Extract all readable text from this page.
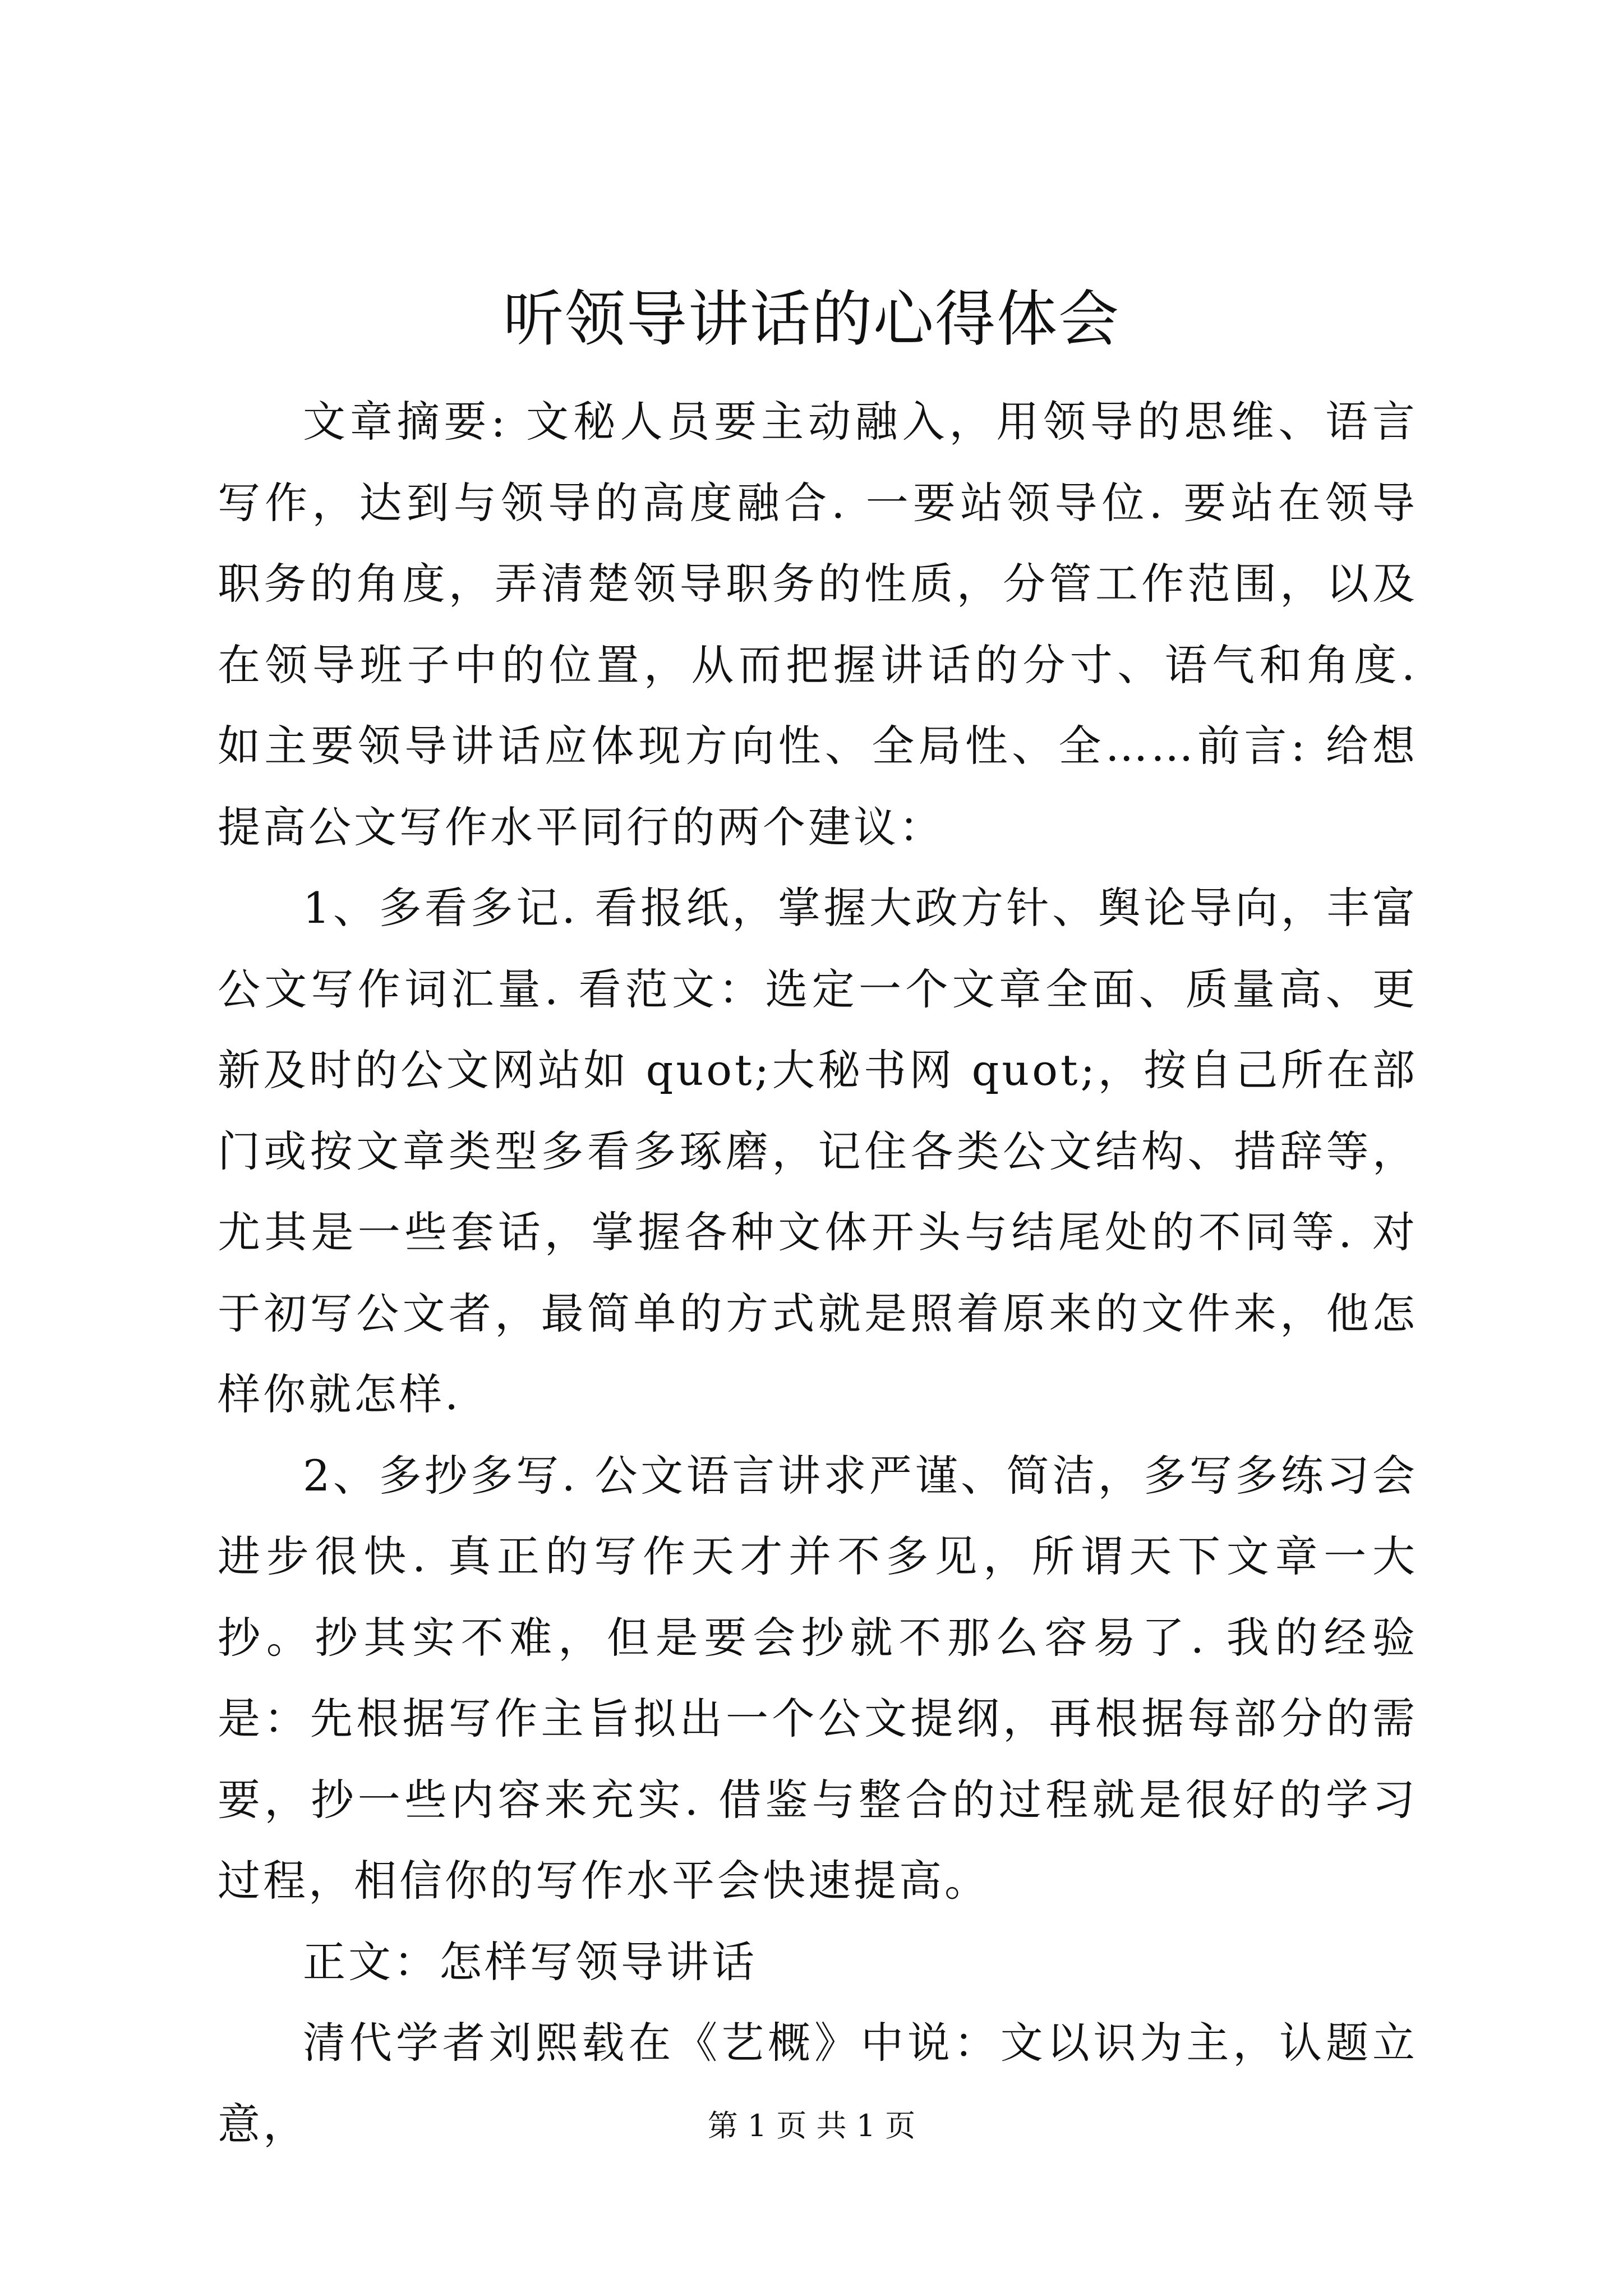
听领导讲话的心得体会

文章摘要: 文秘人员要主动融入，用领导的思维、语言写作，达到与领导的高度融合. 一要站领导位. 要站在领导职务的角度，弄清楚领导职务的性质，分管工作范围，以及在领导班子中的位置，从而把握讲话的分寸、语气和角度. 如主要领导讲话应体现方向性、全局性、全……前言: 给想提高公文写作水平同行的两个建议：

1、多看多记. 看报纸，掌握大政方针、舆论导向，丰富公文写作词汇量. 看范文：选定一个文章全面、质量高、更新及时的公文网站如 quot;大秘书网 quot;，按自己所在部门或按文章类型多看多琢磨，记住各类公文结构、措辞等，尤其是一些套话，掌握各种文体开头与结尾处的不同等. 对于初写公文者，最简单的方式就是照着原来的文件来，他怎样你就怎样.

2、多抄多写. 公文语言讲求严谨、简洁，多写多练习会进步很快. 真正的写作天才并不多见，所谓天下文章一大抄。抄其实不难，但是要会抄就不那么容易了. 我的经验是：先根据写作主旨拟出一个公文提纲，再根据每部分的需要，抄一些内容来充实. 借鉴与整合的过程就是很好的学习过程，相信你的写作水平会快速提高。

正文：怎样写领导讲话

清代学者刘熙载在《艺概》中说：文以识为主，认题立意，	第 1 页 共 1 页
